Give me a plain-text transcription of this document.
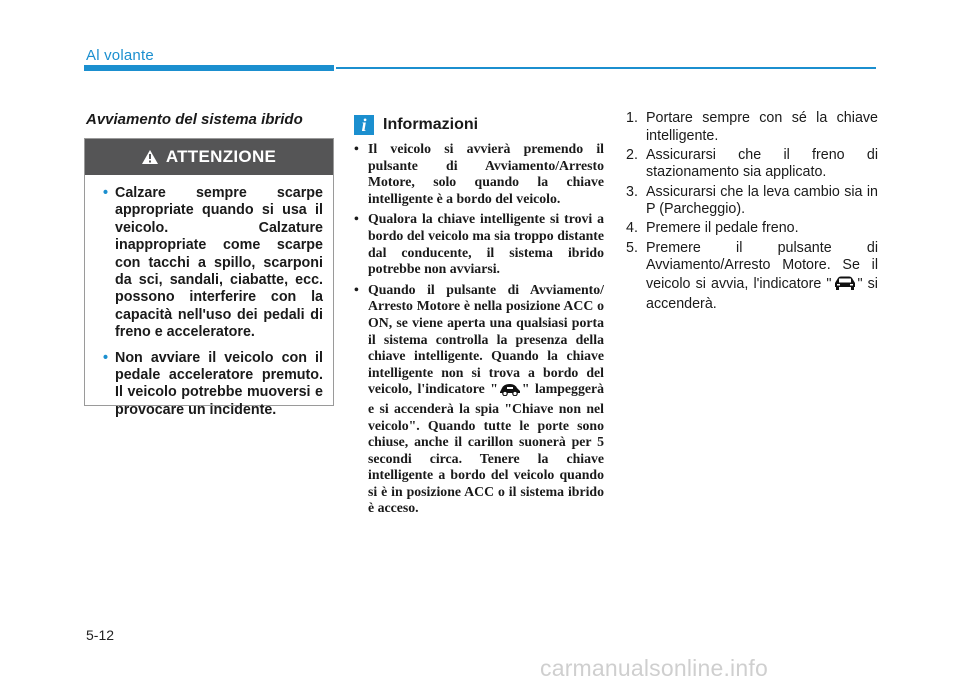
Al volante
Avviamento del sistema ibrido
ATTENZIONE
• Calzare sempre scarpe appropriate quando si usa il veicolo. Calzature inappropriate come scarpe con tacchi a spillo, scarponi da sci, sandali, ciabatte, ecc. possono interferire con la capacità nell'uso dei pedali di freno e acceleratore.
• Non avviare il veicolo con il pedale acceleratore premuto. Il veicolo potrebbe muoversi e provocare un incidente.
i	Informazioni
• Il veicolo si avvierà premendo il pulsante di Avviamento/Arresto Motore, solo quando la chiave intelligente è a bordo del veicolo.
• Qualora la chiave intelligente si trovi a bordo del veicolo ma sia troppo distante dal conducente, il sistema ibrido potrebbe non avviarsi.
• Quando il pulsante di Avviamento/ Arresto Motore è nella posizione ACC o ON, se viene aperta una qualsiasi porta il sistema controlla la presenza della chiave intelligente. Quando la chiave intelligente non si trova a bordo del veicolo, l'indicatore " " lampeggerà e si accenderà la spia "Chiave non nel veicolo". Quando tutte le porte sono chiuse, anche il carillon suonerà per 5 secondi circa. Tenere la chiave intelligente a bordo del veicolo quando si è in posizione ACC o il sistema ibrido è acceso.
1. Portare sempre con sé la chiave intelligente.
2. Assicurarsi che il freno di stazionamento sia applicato.
3. Assicurarsi che la leva cambio sia in P (Parcheggio).
4. Premere il pedale freno.
5. Premere il pulsante di Avviamento/Arresto Motore. Se il veicolo si avvia, l'indicatore " " si accenderà.
5-12
carmanualsonline.info
